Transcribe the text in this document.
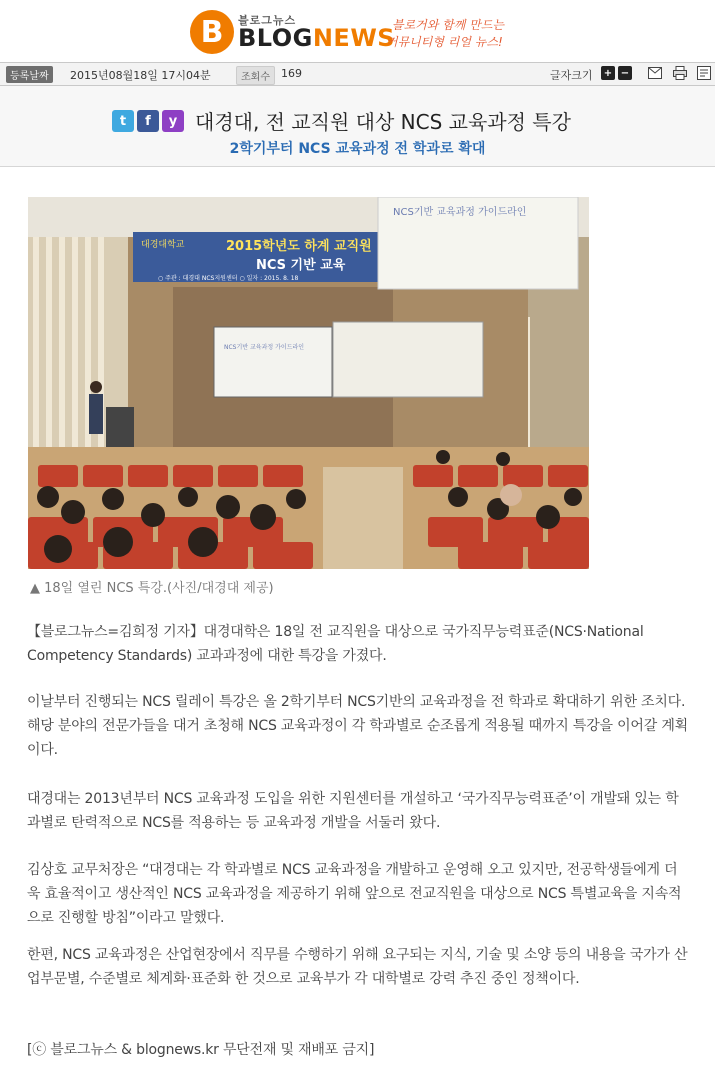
B	블로그뉴스
BLOGNEWS
블로거와 함께 만드는
커뮤니티형 리얼 뉴스!
등록날짜	2015년08월18일 17시04분	조회수	169	글자크기 + −
t	f	y 대경대, 전 교직원 대상 NCS 교육과정 특강
2학기부터 NCS 교육과정 전 학과로 확대
대경대학교	2015학년도 하계 교직원
NCS 기반 교육
○ 주관 : 대경대 NCS지원센터 ○ 일자 : 2015. 8. 18
NCS기반 교육과정 가이드라인
NCS기반 교육과정 가이드라인
▲ 18일 열린 NCS 특강.(사진/대경대 제공)
【블로그뉴스=김희정 기자】대경대학은 18일 전 교직원을 대상으로 국가직무능력표준(NCS·National Competency Standards) 교과과정에 대한 특강을 가졌다.
이날부터 진행되는 NCS 릴레이 특강은 올 2학기부터 NCS기반의 교육과정을 전 학과로 확대하기 위한 조치다. 해당 분야의 전문가들을 대거 초청해 NCS 교육과정이 각 학과별로 순조롭게 적용될 때까지 특강을 이어갈 계획이다.
대경대는 2013년부터 NCS 교육과정 도입을 위한 지원센터를 개설하고 ‘국가직무능력표준’이 개발돼 있는 학과별로 탄력적으로 NCS를 적용하는 등 교육과정 개발을 서둘러 왔다.
김상호 교무처장은 “대경대는 각 학과별로 NCS 교육과정을 개발하고 운영해 오고 있지만, 전공학생들에게 더욱 효율적이고 생산적인 NCS 교육과정을 제공하기 위해 앞으로 전교직원을 대상으로 NCS 특별교육을 지속적으로 진행할 방침”이라고 말했다.
한편, NCS 교육과정은 산업현장에서 직무를 수행하기 위해 요구되는 지식, 기술 및 소양 등의 내용을 국가가 산업부문별, 수준별로 체계화·표준화 한 것으로 교육부가 각 대학별로 강력 추진 중인 정책이다.
[ⓒ 블로그뉴스 & blognews.kr 무단전재 및 재배포 금지]
